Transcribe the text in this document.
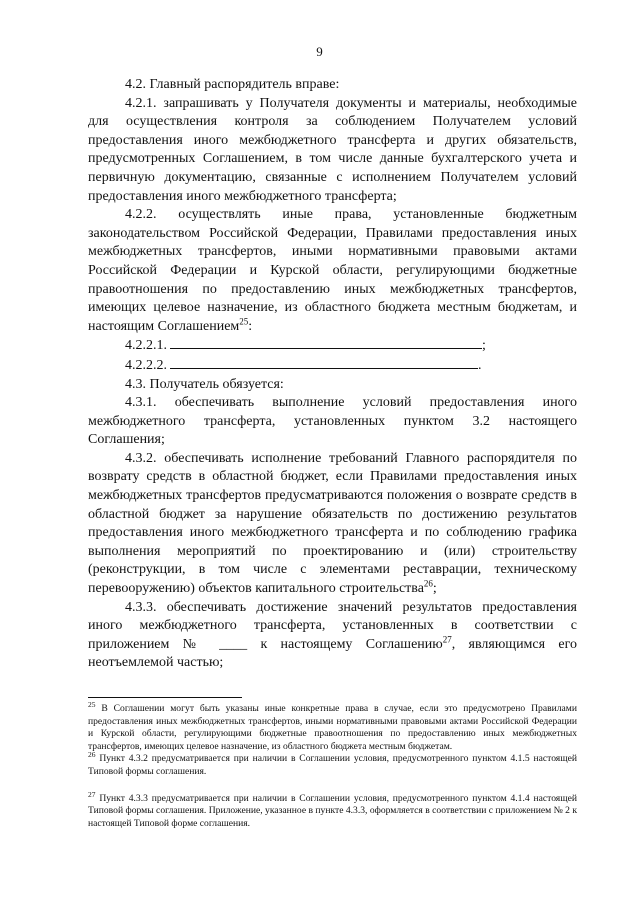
9

4.2. Главный распорядитель вправе:

4.2.1. запрашивать у Получателя документы и материалы, необходимые для осуществления контроля за соблюдением Получателем условий предоставления иного межбюджетного трансферта и других обязательств, предусмотренных Соглашением, в том числе данные бухгалтерского учета и первичную документацию, связанные с исполнением Получателем условий предоставления иного межбюджетного трансферта;

4.2.2. осуществлять иные права, установленные бюджетным законодательством Российской Федерации, Правилами предоставления иных межбюджетных трансфертов, иными нормативными правовыми актами Российской Федерации и Курской области, регулирующими бюджетные правоотношения по предоставлению иных межбюджетных трансфертов, имеющих целевое назначение, из областного бюджета местным бюджетам, и настоящим Соглашением$^{25}$:

4.2.2.1.	;

4.2.2.2.	.

4.3. Получатель обязуется:

4.3.1. обеспечивать выполнение условий предоставления иного межбюджетного трансферта, установленных пунктом 3.2 настоящего Соглашения;

4.3.2. обеспечивать исполнение требований Главного распорядителя по возврату средств в областной бюджет, если Правилами предоставления иных межбюджетных трансфертов предусматриваются положения о возврате средств в областной бюджет за нарушение обязательств по достижению результатов предоставления иного межбюджетного трансферта и по соблюдению графика выполнения мероприятий по проектированию и (или) строительству (реконструкции, в том числе с элементами реставрации, техническому перевооружению) объектов капитального строительства$^{26}$;

4.3.3. обеспечивать достижение значений результатов предоставления иного межбюджетного трансферта, установленных в соответствии с приложением № ____ к настоящему Соглашению$^{27}$, являющимся его неотъемлемой частью;

$^{25}$ В Соглашении могут быть указаны иные конкретные права в случае, если это предусмотрено Правилами предоставления иных межбюджетных трансфертов, иными нормативными правовыми актами Российской Федерации и Курской области, регулирующими бюджетные правоотношения по предоставлению иных межбюджетных трансфертов, имеющих целевое назначение, из областного бюджета местным бюджетам.

$^{26}$ Пункт 4.3.2 предусматривается при наличии в Соглашении условия, предусмотренного пунктом 4.1.5 настоящей Типовой формы соглашения.

$^{27}$ Пункт 4.3.3 предусматривается при наличии в Соглашении условия, предусмотренного пунктом 4.1.4 настоящей Типовой формы соглашения. Приложение, указанное в пункте 4.3.3, оформляется в соответствии с приложением № 2 к настоящей Типовой форме соглашения.
